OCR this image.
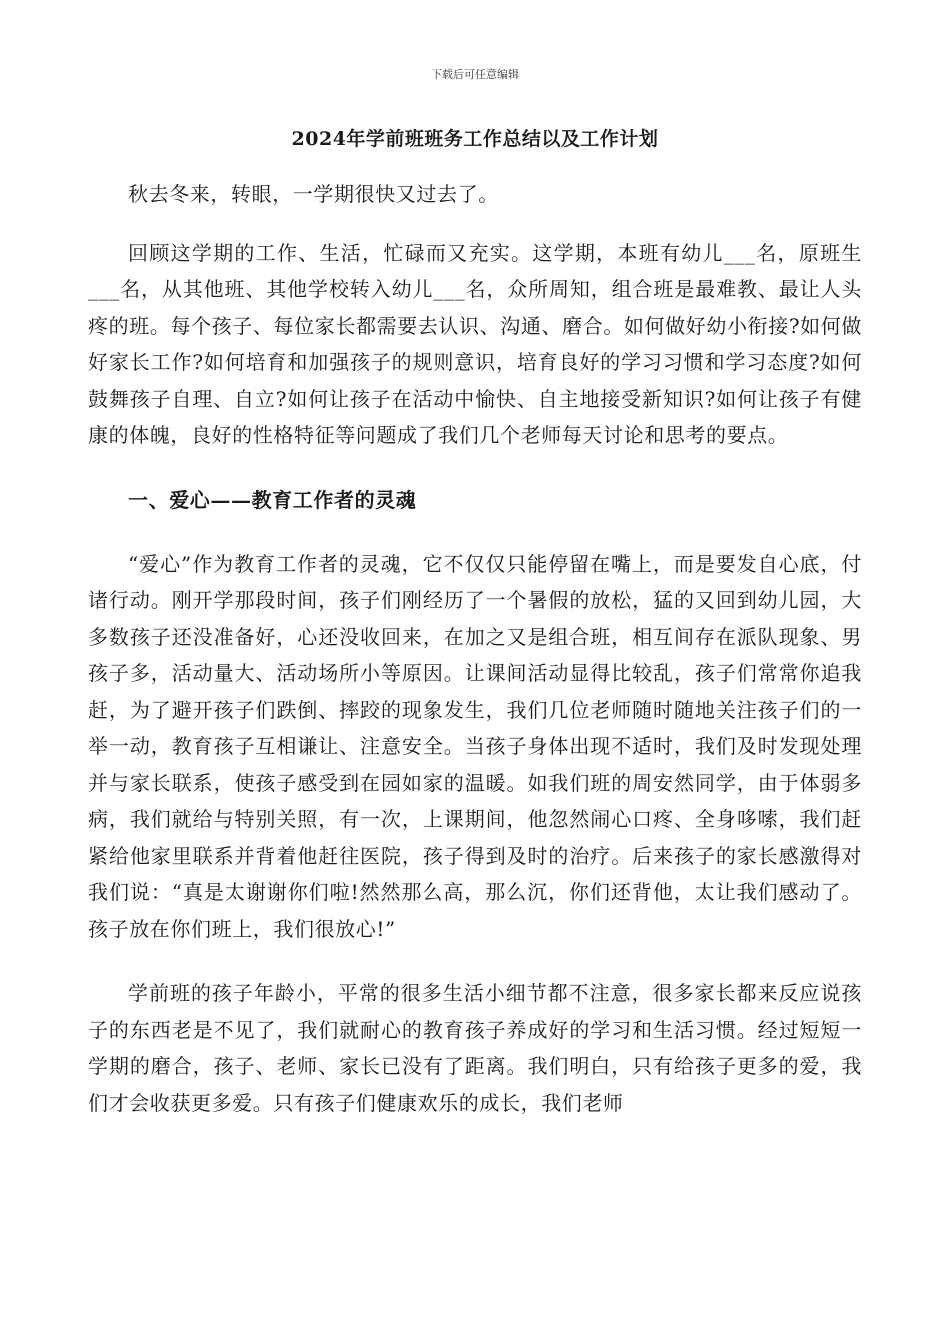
下载后可任意编辑
2024年学前班班务工作总结以及工作计划

秋去冬来，转眼，一学期很快又过去了。

回顾这学期的工作、生活，忙碌而又充实。这学期，本班有幼儿___名，原班生___名，从其他班、其他学校转入幼儿___名，众所周知，组合班是最难教、最让人头疼的班。每个孩子、每位家长都需要去认识、沟通、磨合。如何做好幼小衔接?如何做好家长工作?如何培育和加强孩子的规则意识，培育良好的学习习惯和学习态度?如何鼓舞孩子自理、自立?如何让孩子在活动中愉快、自主地接受新知识?如何让孩子有健康的体魄，良好的性格特征等问题成了我们几个老师每天讨论和思考的要点。

一、爱心——教育工作者的灵魂

“爱心”作为教育工作者的灵魂，它不仅仅只能停留在嘴上，而是要发自心底，付诸行动。刚开学那段时间，孩子们刚经历了一个暑假的放松，猛的又回到幼儿园，大多数孩子还没准备好，心还没收回来，在加之又是组合班，相互间存在派队现象、男孩子多，活动量大、活动场所小等原因。让课间活动显得比较乱，孩子们常常你追我赶，为了避开孩子们跌倒、摔跤的现象发生，我们几位老师随时随地关注孩子们的一举一动，教育孩子互相谦让、注意安全。当孩子身体出现不适时，我们及时发现处理并与家长联系，使孩子感受到在园如家的温暖。如我们班的周安然同学，由于体弱多病，我们就给与特别关照，有一次，上课期间，他忽然闹心口疼、全身哆嗦，我们赶紧给他家里联系并背着他赶往医院，孩子得到及时的治疗。后来孩子的家长感激得对我们说：“真是太谢谢你们啦!然然那么高，那么沉，你们还背他，太让我们感动了。孩子放在你们班上，我们很放心!”

学前班的孩子年龄小，平常的很多生活小细节都不注意，很多家长都来反应说孩子的东西老是不见了，我们就耐心的教育孩子养成好的学习和生活习惯。经过短短一学期的磨合，孩子、老师、家长已没有了距离。我们明白，只有给孩子更多的爱，我们才会收获更多爱。只有孩子们健康欢乐的成长，我们老师
